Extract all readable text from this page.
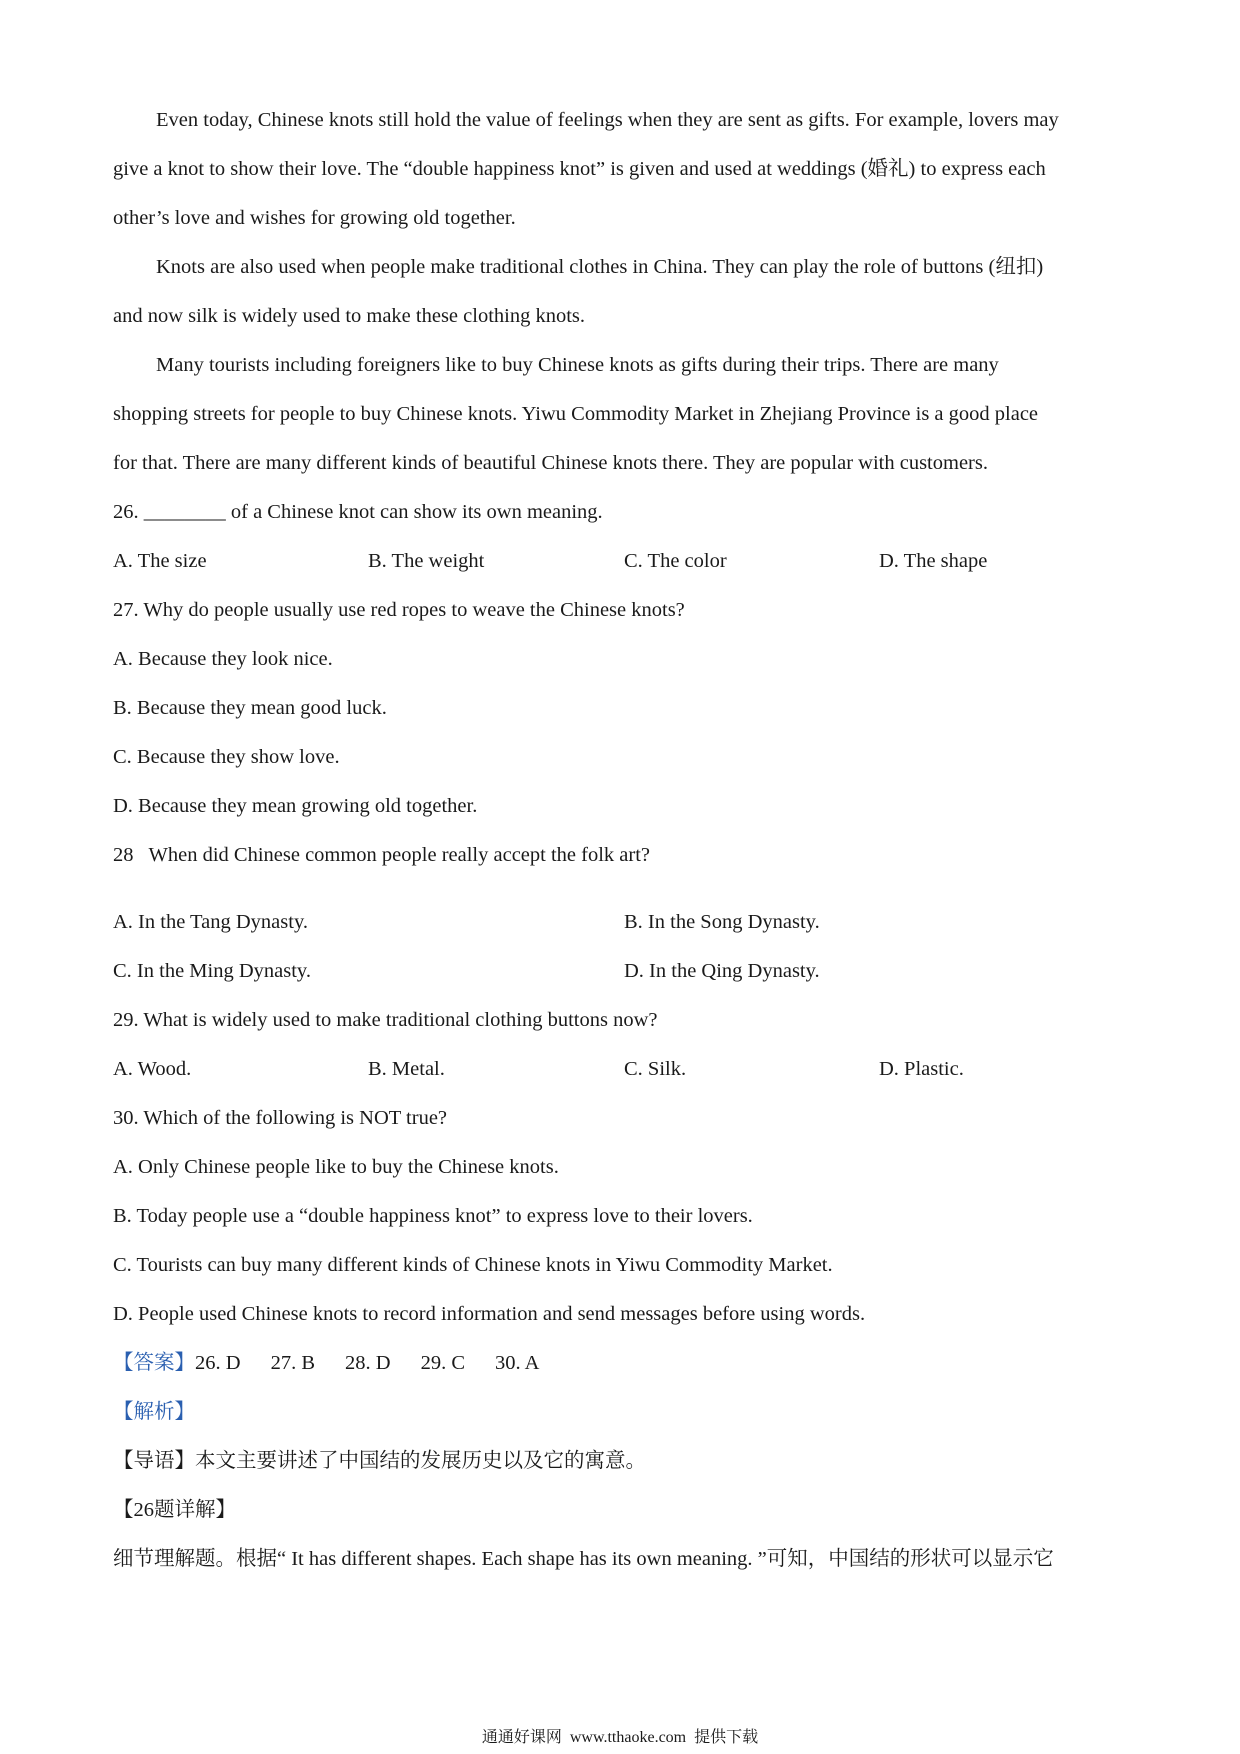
Even today, Chinese knots still hold the value of feelings when they are sent as gifts. For example, lovers may
give a knot to show their love. The “double happiness knot” is given and used at weddings (婚礼) to express each
other’s love and wishes for growing old together.
Knots are also used when people make traditional clothes in China. They can play the role of buttons (纽扣)
and now silk is widely used to make these clothing knots.
Many tourists including foreigners like to buy Chinese knots as gifts during their trips. There are many
shopping streets for people to buy Chinese knots. Yiwu Commodity Market in Zhejiang Province is a good place
for that. There are many different kinds of beautiful Chinese knots there. They are popular with customers.
26. ________ of a Chinese knot can show its own meaning.
A. The size	B. The weight	C. The color	D. The shape
27. Why do people usually use red ropes to weave the Chinese knots?
A. Because they look nice.
B. Because they mean good luck.
C. Because they show love.
D. Because they mean growing old together.
28   When did Chinese common people really accept the folk art?
A. In the Tang Dynasty.	B. In the Song Dynasty.
C. In the Ming Dynasty.	D. In the Qing Dynasty.
29. What is widely used to make traditional clothing buttons now?
A. Wood.	B. Metal.	C. Silk.	D. Plastic.
30. Which of the following is NOT true?
A. Only Chinese people like to buy the Chinese knots.
B. Today people use a “double happiness knot” to express love to their lovers.
C. Tourists can buy many different kinds of Chinese knots in Yiwu Commodity Market.
D. People used Chinese knots to record information and send messages before using words.
【答案】26. D 27. B 28. D 29. C 30. A
【解析】
【导语】本文主要讲述了中国结的发展历史以及它的寓意。
【26题详解】
细节理解题。根据“ It has different shapes. Each shape has its own meaning. ”可知，中国结的形状可以显示它
通通好课网  www.tthaoke.com  提供下载
